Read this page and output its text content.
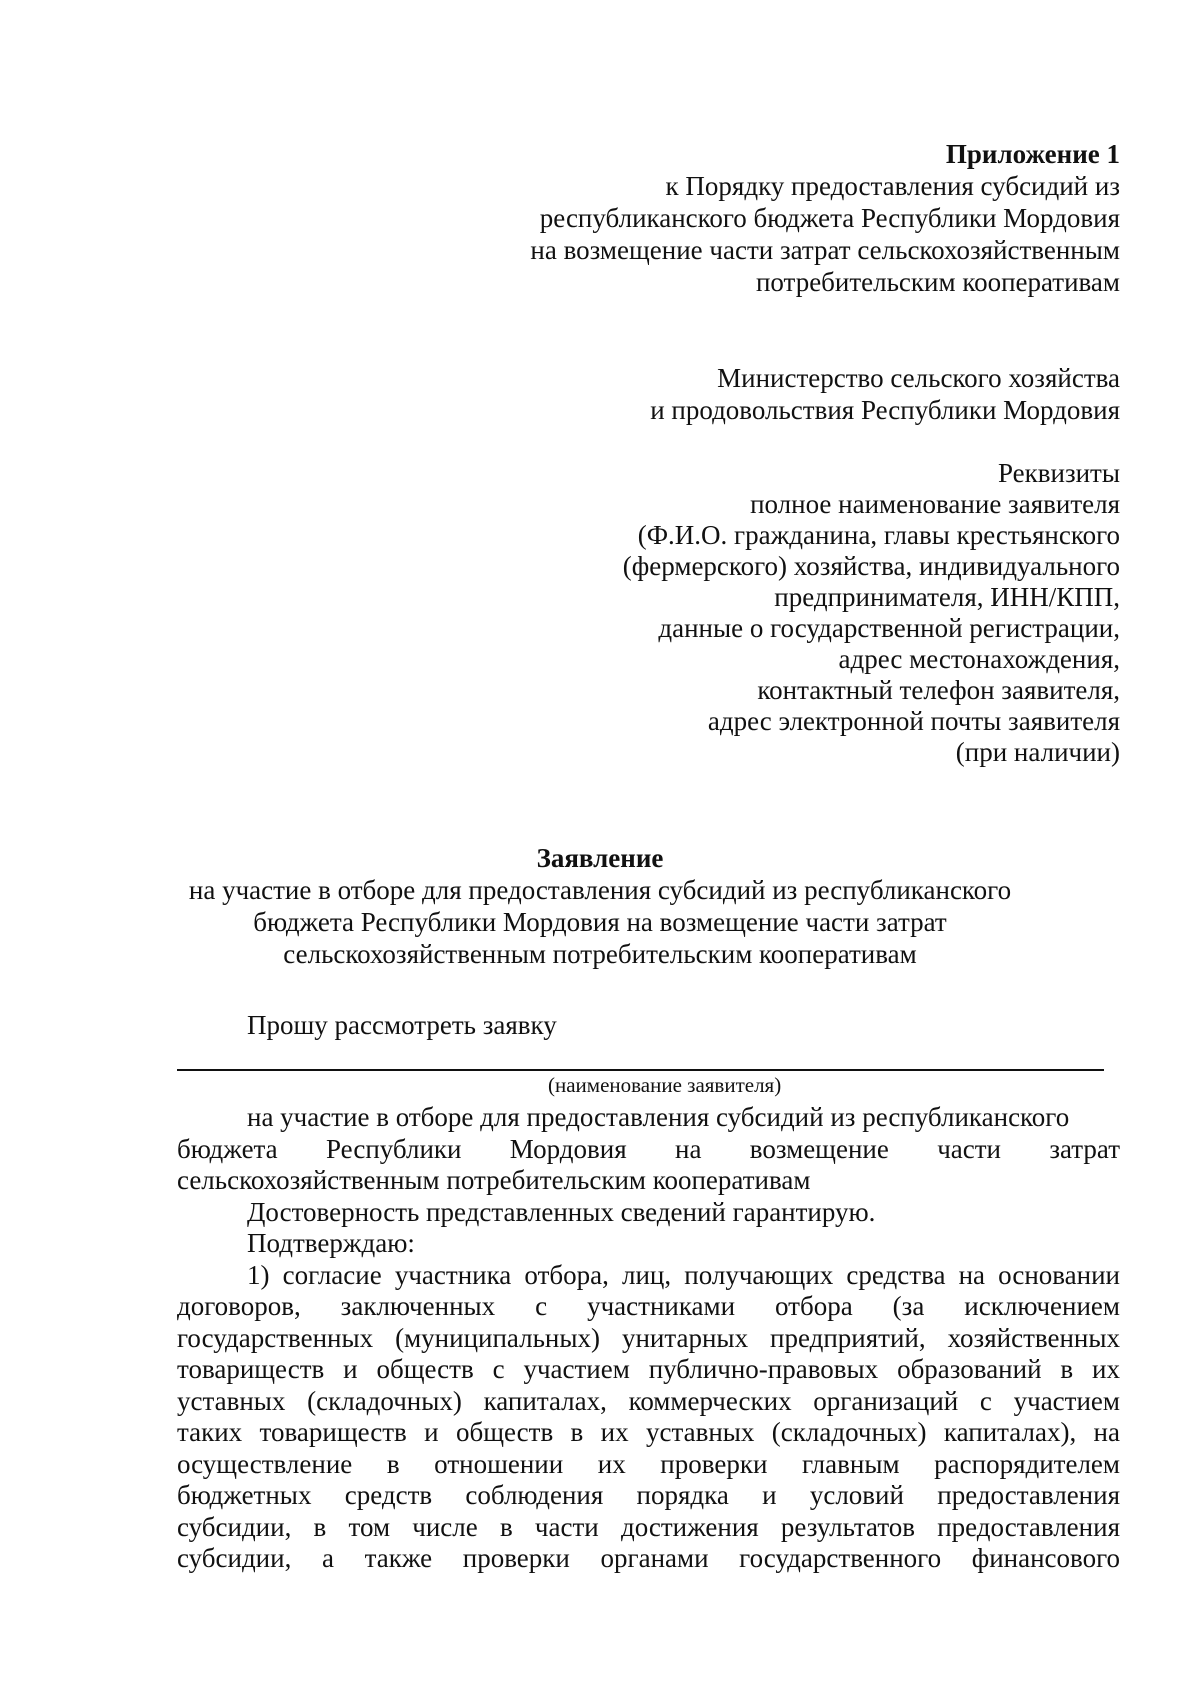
Приложение 1
к Порядку предоставления субсидий из
республиканского бюджета Республики Мордовия
на возмещение части затрат сельскохозяйственным
потребительским кооперативам
Министерство сельского хозяйства
и продовольствия Республики Мордовия
Реквизиты
полное наименование заявителя
(Ф.И.О. гражданина, главы крестьянского
(фермерского) хозяйства, индивидуального
предпринимателя, ИНН/КПП,
данные о государственной регистрации,
адрес местонахождения,
контактный телефон заявителя,
адрес электронной почты заявителя
(при наличии)
Заявление
на участие в отборе для предоставления субсидий из республиканского
бюджета Республики Мордовия на возмещение части затрат
сельскохозяйственным потребительским кооперативам
Прошу рассмотреть заявку
(наименование заявителя)
на участие в отборе для предоставления субсидий из республиканского
бюджета Республики Мордовия на возмещение части затрат
сельскохозяйственным потребительским кооперативам
Достоверность представленных сведений гарантирую.
Подтверждаю:
1) согласие участника отбора, лиц, получающих средства на основании
договоров, заключенных с участниками отбора (за исключением
государственных (муниципальных) унитарных предприятий, хозяйственных
товариществ и обществ с участием публично-правовых образований в их
уставных (складочных) капиталах, коммерческих организаций с участием
таких товариществ и обществ в их уставных (складочных) капиталах), на
осуществление в отношении их проверки главным распорядителем
бюджетных средств соблюдения порядка и условий предоставления
субсидии, в том числе в части достижения результатов предоставления
субсидии, а также проверки органами государственного финансового
